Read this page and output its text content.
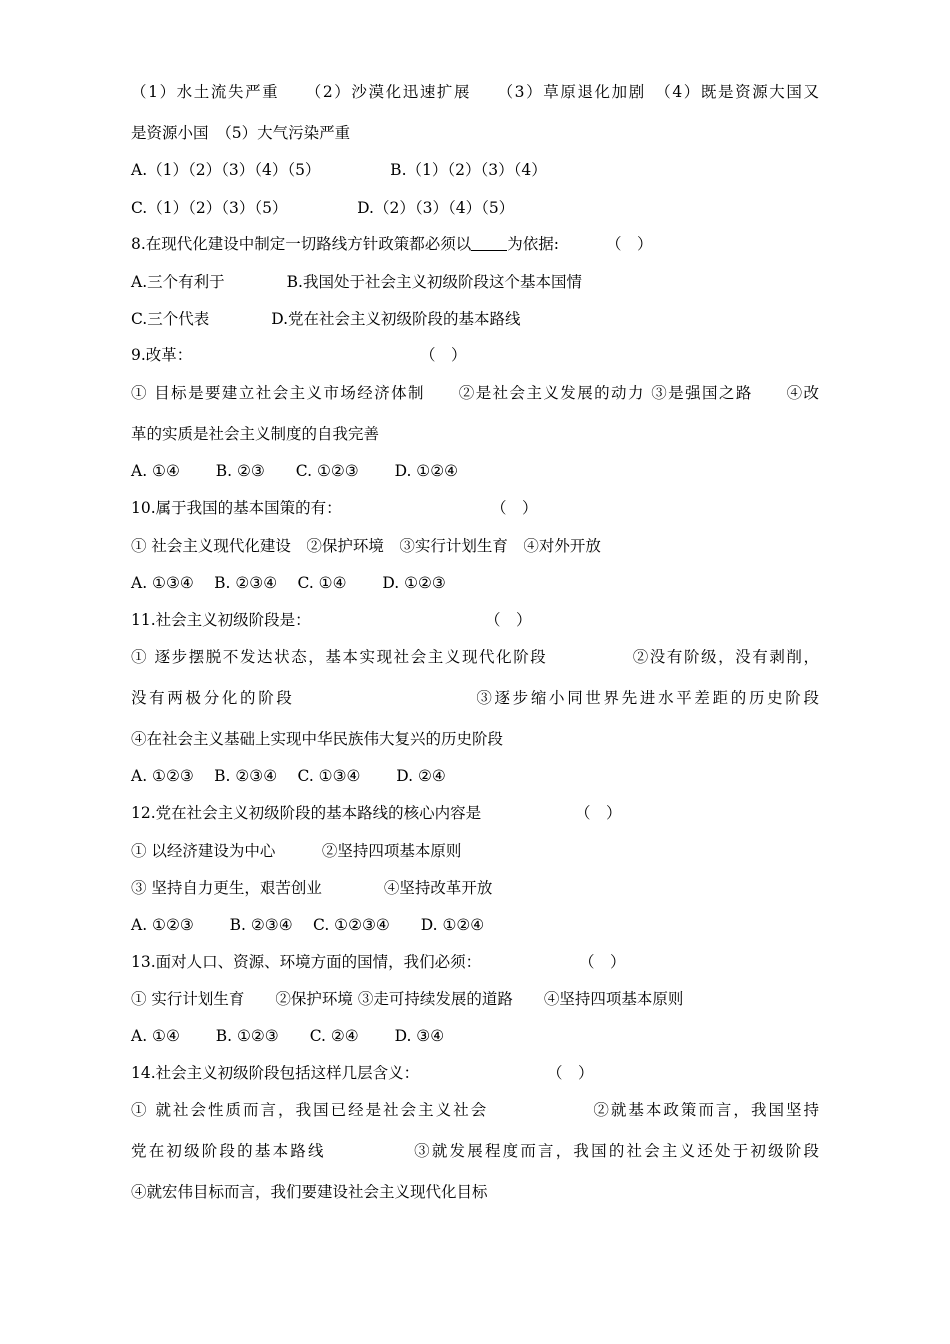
（1）水土流失严重　　（2）沙漠化迅速扩展　　（3）草原退化加剧　（4）既是资源大国又
是资源小国　（5）大气污染严重
A.（1）（2）（3）（4）（5）　　　　　B.（1）（2）（3）（4）
C.（1）（2）（3）（5）　　　　　D.（2）（3）（4）（5）
8.在现代化建设中制定一切路线方针政策都必须以 为依据:	（　）
A.三个有利于　　　　B.我国处于社会主义初级阶段这个基本国情
C.三个代表　　　　D.党在社会主义初级阶段的基本路线
9.改革：	（　）
① 目标是要建立社会主义市场经济体制　　②是社会主义发展的动力 ③是强国之路　　④改
革的实质是社会主义制度的自我完善
A. ①④　　 B. ②③　　C. ①②③　　 D. ①②④
10.属于我国的基本国策的有：	（　）
① 社会主义现代化建设　②保护环境　③实行计划生育　④对外开放
A. ①③④　 B. ②③④　 C. ①④　　 D. ①②③
11.社会主义初级阶段是：	（　）
① 逐步摆脱不发达状态，基本实现社会主义现代化阶段　　　　　②没有阶级，没有剥削，
没有两极分化的阶段　　　　　　　　　　③逐步缩小同世界先进水平差距的历史阶段
④在社会主义基础上实现中华民族伟大复兴的历史阶段
A. ①②③　 B. ②③④　 C. ①③④　　 D. ②④
12.党在社会主义初级阶段的基本路线的核心内容是	（　）
① 以经济建设为中心　　　②坚持四项基本原则
③ 坚持自力更生，艰苦创业　　　　④坚持改革开放
A. ①②③　　 B. ②③④　 C. ①②③④　　D. ①②④
13.面对人口、资源、环境方面的国情，我们必须：	（　）
① 实行计划生育　　②保护环境 ③走可持续发展的道路　　④坚持四项基本原则
A. ①④　　 B. ①②③　　C. ②④　　 D. ③④
14.社会主义初级阶段包括这样几层含义：	（　）
① 就社会性质而言，我国已经是社会主义社会　　　　　　②就基本政策而言，我国坚持
党在初级阶段的基本路线　　　　　③就发展程度而言，我国的社会主义还处于初级阶段
④就宏伟目标而言，我们要建设社会主义现代化目标
